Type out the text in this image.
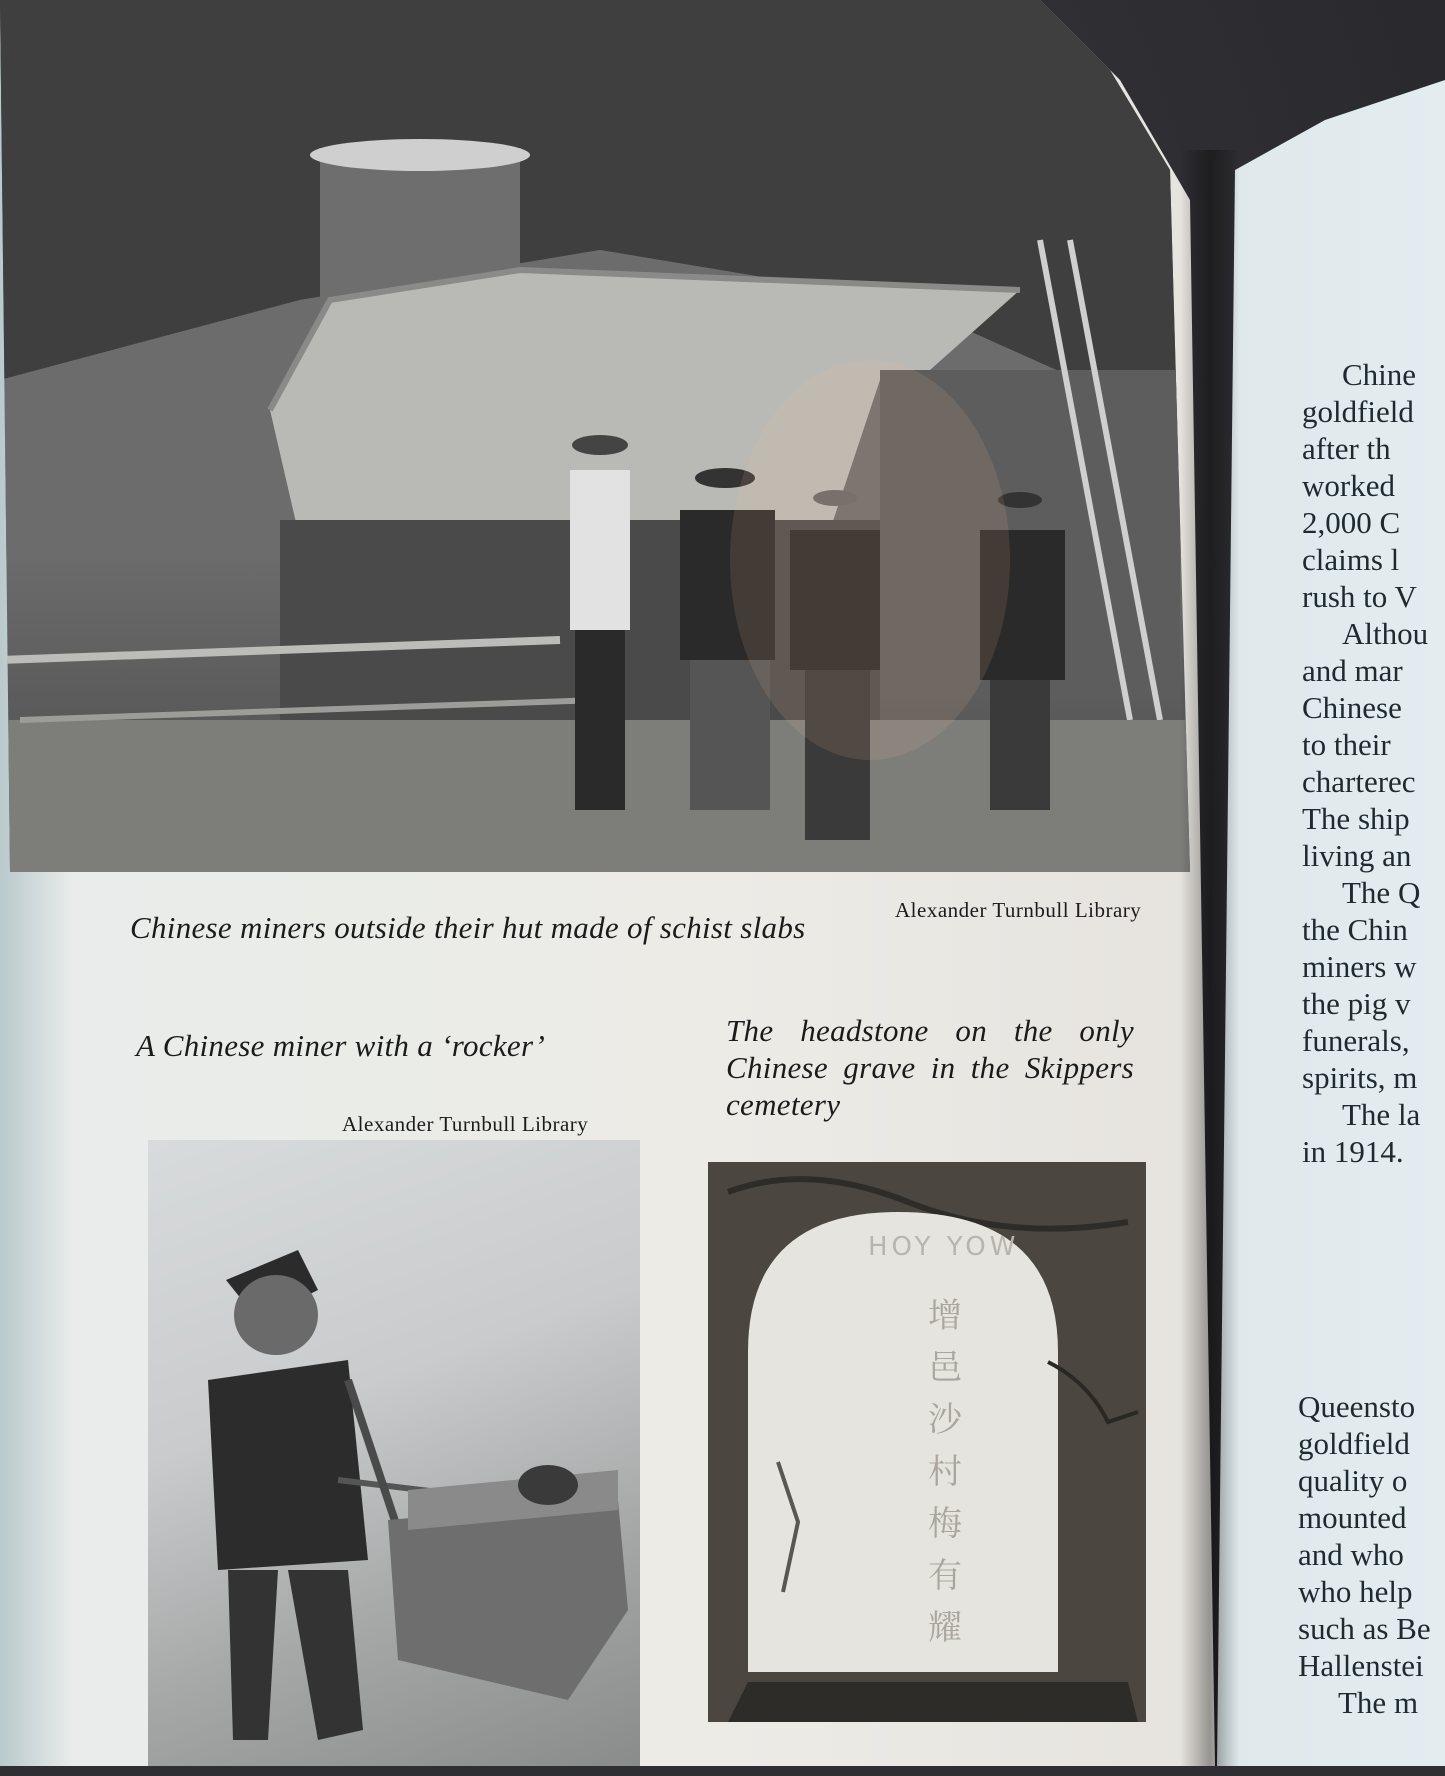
Alexander Turnbull Library

Chinese miners outside their hut made of schist slabs

A Chinese miner with a ‘rocker’

Alexander Turnbull Library

The headstone on the only Chinese grave in the Skippers cemetery

HOY YOW

增 邑 沙 村 梅 有 耀

Chine
goldfield
after th
worked
2,000 C
claims l
rush to V
Althou
and mar
Chinese
to their
charterec
The ship
living an
The Q
the Chin
miners w
the pig v
funerals,
spirits, m
The la
in 1914.
Queensto
goldfield
quality o
mounted
and who
who help
such as Be
Hallenstei
The m
